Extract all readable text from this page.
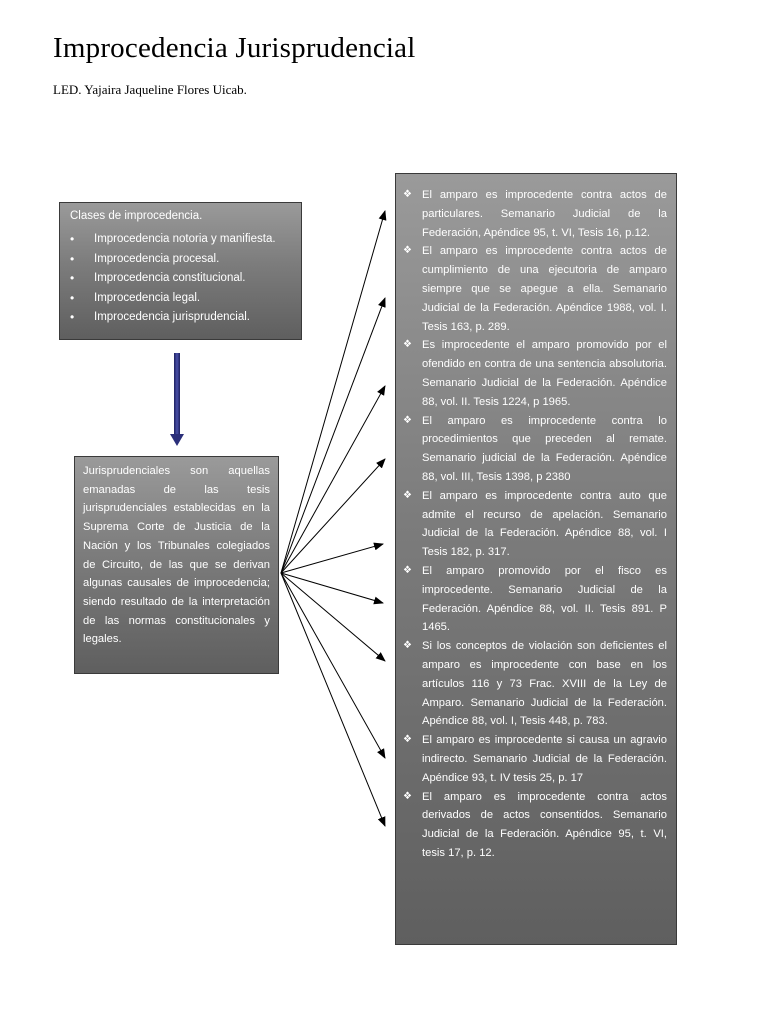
Improcedencia Jurisprudencial
LED. Yajaira Jaqueline Flores Uicab.
Clases de improcedencia.
• Improcedencia notoria y manifiesta.
• Improcedencia procesal.
• Improcedencia constitucional.
• Improcedencia legal.
• Improcedencia jurisprudencial.
Jurisprudenciales son aquellas emanadas de las tesis jurisprudenciales establecidas en la Suprema Corte de Justicia de la Nación y los Tribunales colegiados de Circuito, de las que se derivan algunas causales de improcedencia; siendo resultado de la interpretación de las normas constitucionales y legales.
❖ El amparo es improcedente contra actos de particulares. Semanario Judicial de la Federación, Apéndice 95, t. VI, Tesis 16, p.12.
❖ El amparo es improcedente contra actos de cumplimiento de una ejecutoria de amparo siempre que se apegue a ella. Semanario Judicial de la Federación. Apéndice 1988, vol. I. Tesis 163, p. 289.
❖ Es improcedente el amparo promovido por el ofendido en contra de una sentencia absolutoria. Semanario Judicial de la Federación. Apéndice 88, vol. II. Tesis 1224, p 1965.
❖ El amparo es improcedente contra lo procedimientos que preceden al remate. Semanario judicial de la Federación. Apéndice 88, vol. III, Tesis 1398, p 2380
❖ El amparo es improcedente contra auto que admite el recurso de apelación. Semanario Judicial de la Federación. Apéndice 88, vol. I Tesis 182, p. 317.
❖ El amparo promovido por el fisco es improcedente. Semanario Judicial de la Federación. Apéndice 88, vol. II. Tesis 891. P 1465.
❖ Si los conceptos de violación son deficientes el amparo es improcedente con base en los artículos 116 y 73 Frac. XVIII de la Ley de Amparo. Semanario Judicial de la Federación. Apéndice 88, vol. I, Tesis 448, p. 783.
❖ El amparo es improcedente si causa un agravio indirecto. Semanario Judicial de la Federación. Apéndice 93, t. IV tesis 25, p. 17
❖ El amparo es improcedente contra actos derivados de actos consentidos. Semanario Judicial de la Federación. Apéndice 95, t. VI, tesis 17, p. 12.
